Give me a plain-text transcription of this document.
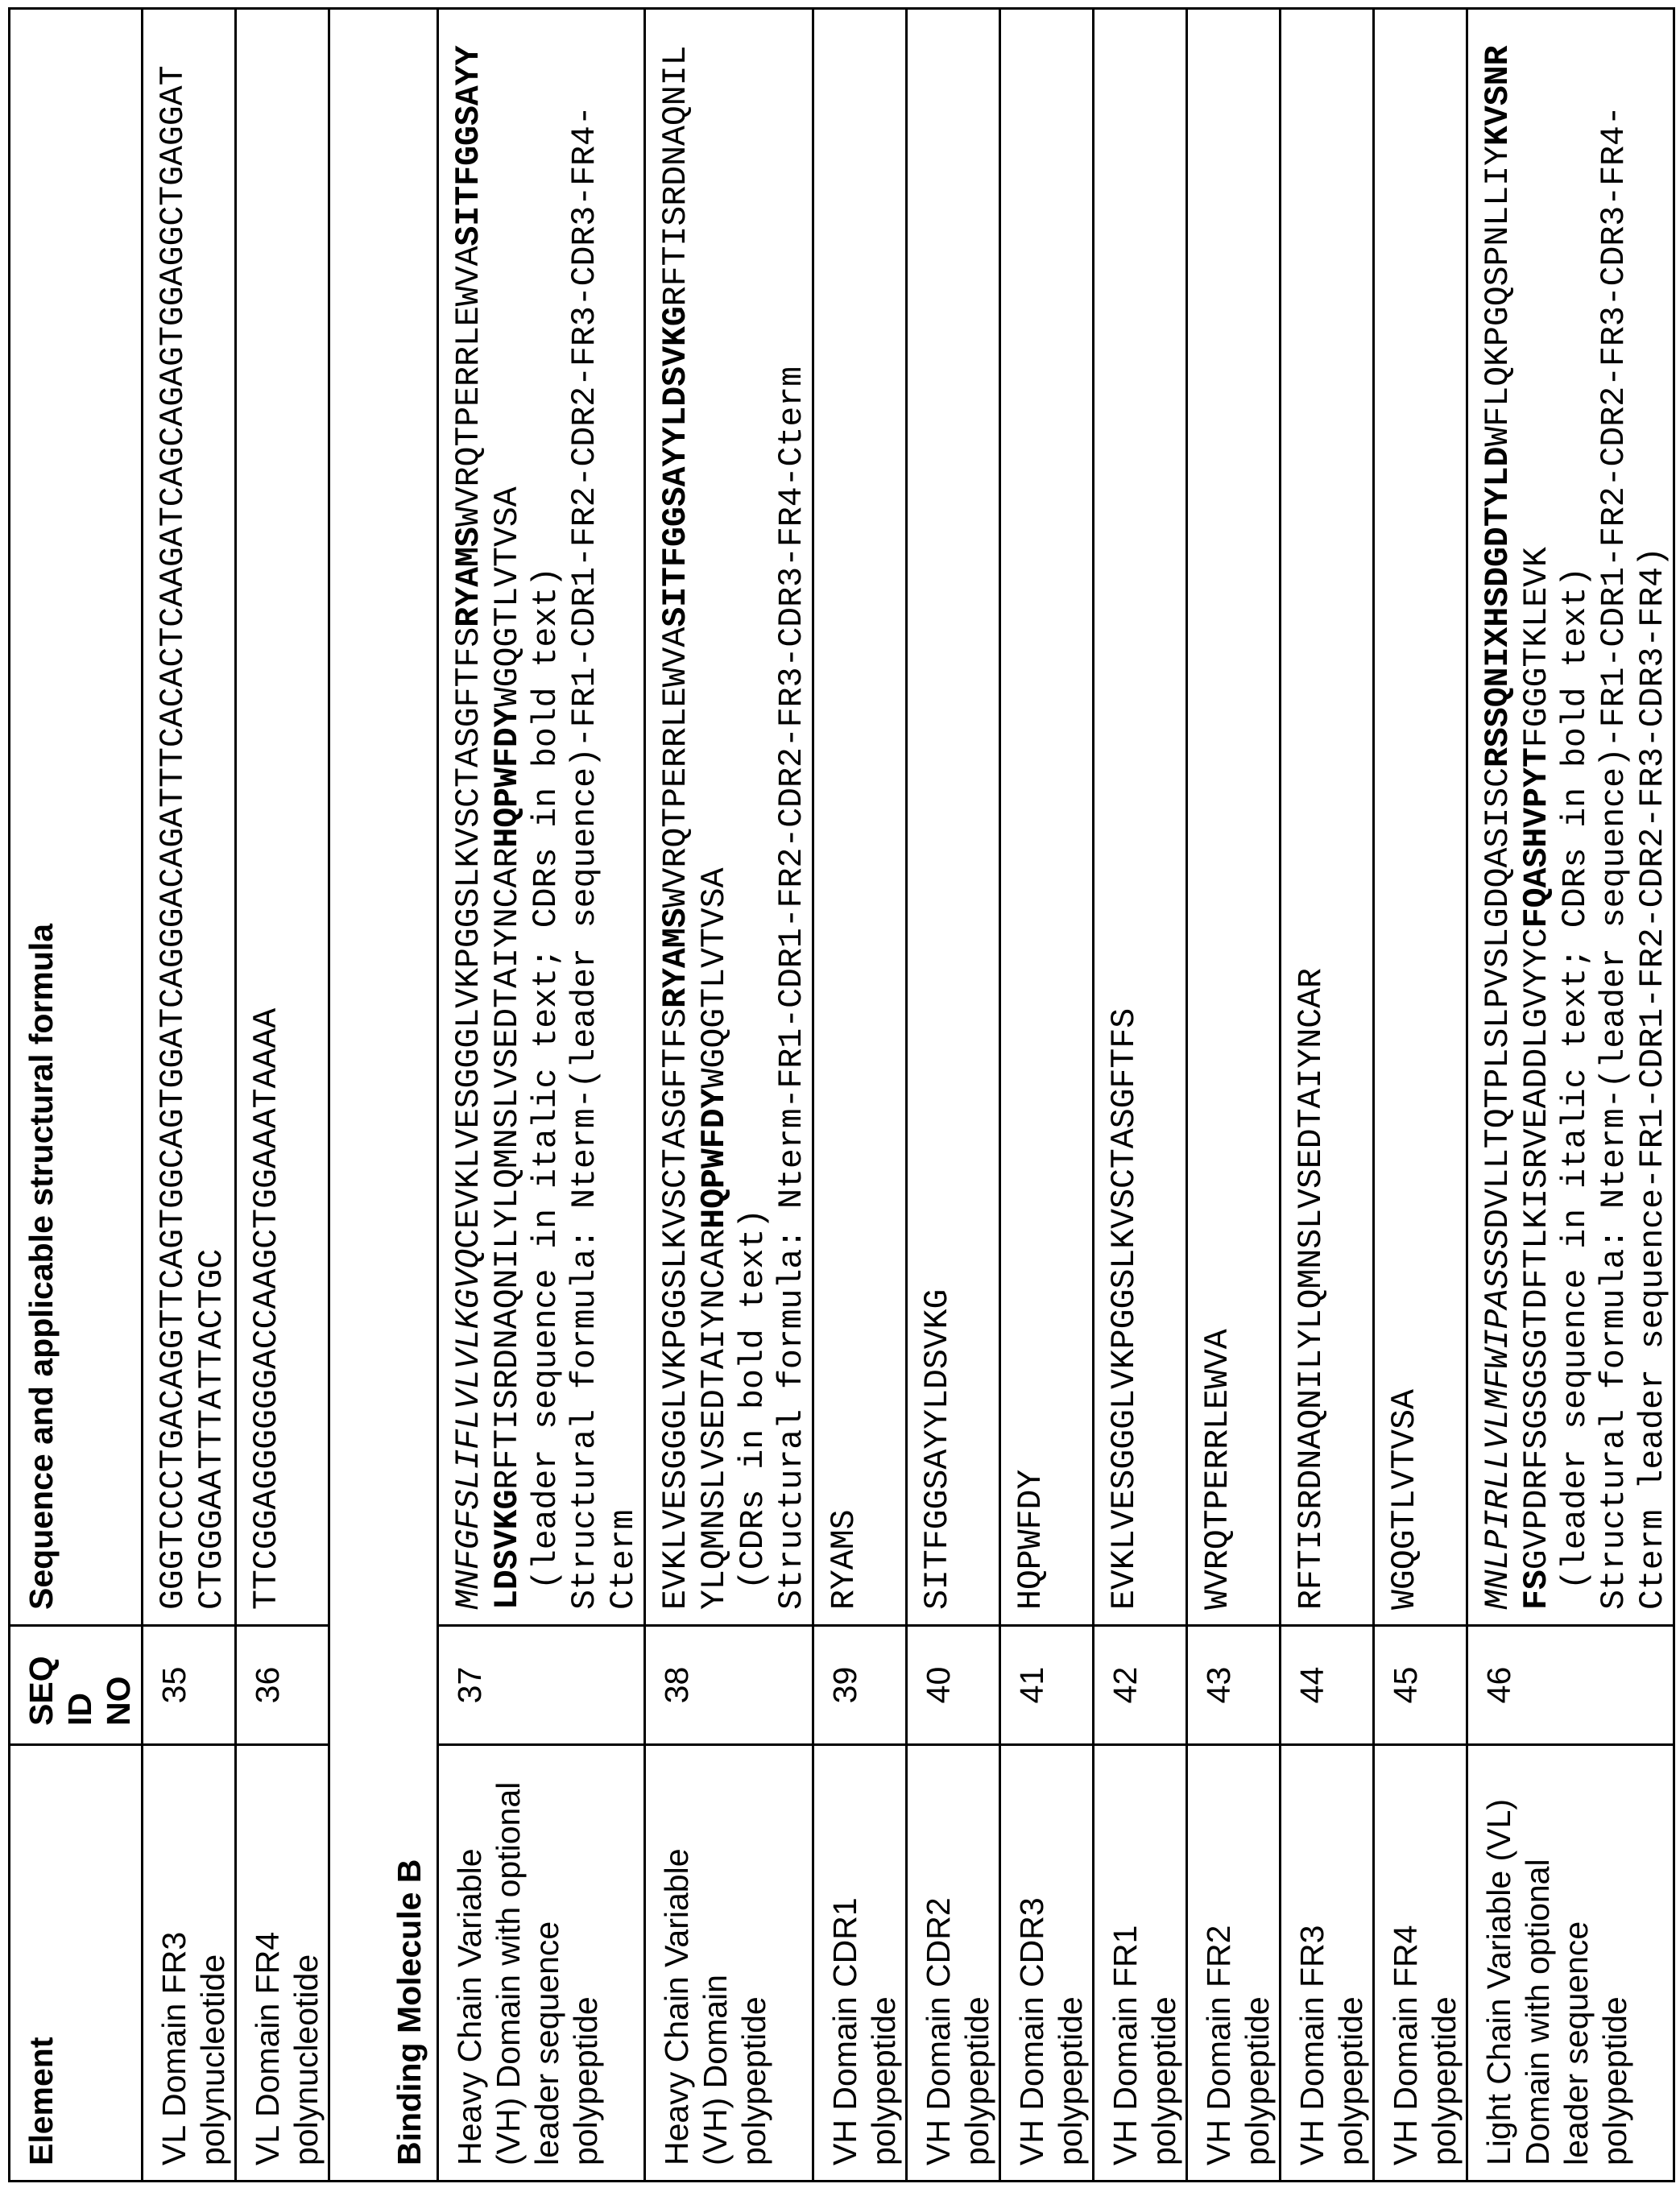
Element	
SEQ ID NO
	Sequence and applicable structural formula

VL Domain FR3 polynucleotide
	35	
GGGTCCCTGACAGGTTCAGTGGCAGTGGATCAGGGACAGATTTCACACTCAAGATCAGCAGAGTGGAGGCTGAGGAT CTGGGAATTTATTACTGC

VL Domain FR4 polynucleotide
	36	
TTCGGAGGGGGGACCAAGCTGGAAATAAAA

Binding Molecule BHeavy Chain Variable (VH) Domain with optional leader sequence polypeptide
	37	
MNFGFSLIFLVLVLKGVQCEVKLVESGGGLVKPGGSLKVSCTASGFTFSRYAMSWVRQTPERRLEWVASITFGGSAYY
LDSVKGRFTISRDNAQNILYLQMNSLVSEDTAIYNCARHQPWFDYWGQGTLVTVSA (leader sequence in italic text; CDRs in bold text) Structural formula: Nterm-(leader sequence)-FR1-CDR1-FR2-CDR2-FR3-CDR3-FR4- Cterm

Heavy Chain Variable (VH) Domain polypeptide
	38	
EVKLVESGGGLVKPGGSLKVSCTASGFTFSRYAMSWVRQTPERRLEWVASITFGGSAYYLDSVKGRFTISRDNAQNIL
YLQMNSLVSEDTAIYNCARHQPWFDYWGQGTLVTVSA
(CDRs in bold text) Structural formula: Nterm-FR1-CDR1-FR2-CDR2-FR3-CDR3-FR4-Cterm

VH Domain CDR1 polypeptide
	39	
RYAMS

VH Domain CDR2 polypeptide
	40	
SITFGGSAYYLDSVKG

VH Domain CDR3 polypeptide
	41	
HQPWFDY

VH Domain FR1 polypeptide
	42	
EVKLVESGGGLVKPGGSLKVSCTASGFTFS

VH Domain FR2 polypeptide
	43	
WVRQTPERRLEWVA

VH Domain FR3 polypeptide
	44	
RFTISRDNAQNILYLQMNSLVSEDTAIYNCAR

VH Domain FR4 polypeptide
	45	
WGQGTLVTVSA

Light Chain Variable (VL) Domain with optional leader sequence polypeptide
	46	
MNLPIRLLVLMFWIPASSSDVLLTQTPLSLPVSLGDQASISCRSSQNIXHSDGDTYLDWFLQKPGQSPNLLIYKVSNR
FSGVPDRFSGSGSGTDFTLKISRVEADDLGVYYCFQASHVPYTFGGGTKLEVK (leader sequence in italic text; CDRs in bold text) Structural formula: Nterm-(leader sequence)-FR1-CDR1-FR2-CDR2-FR3-CDR3-FR4- Cterm leader sequence-FR1-CDR1-FR2-CDR2-FR3-CDR3-FR4)
